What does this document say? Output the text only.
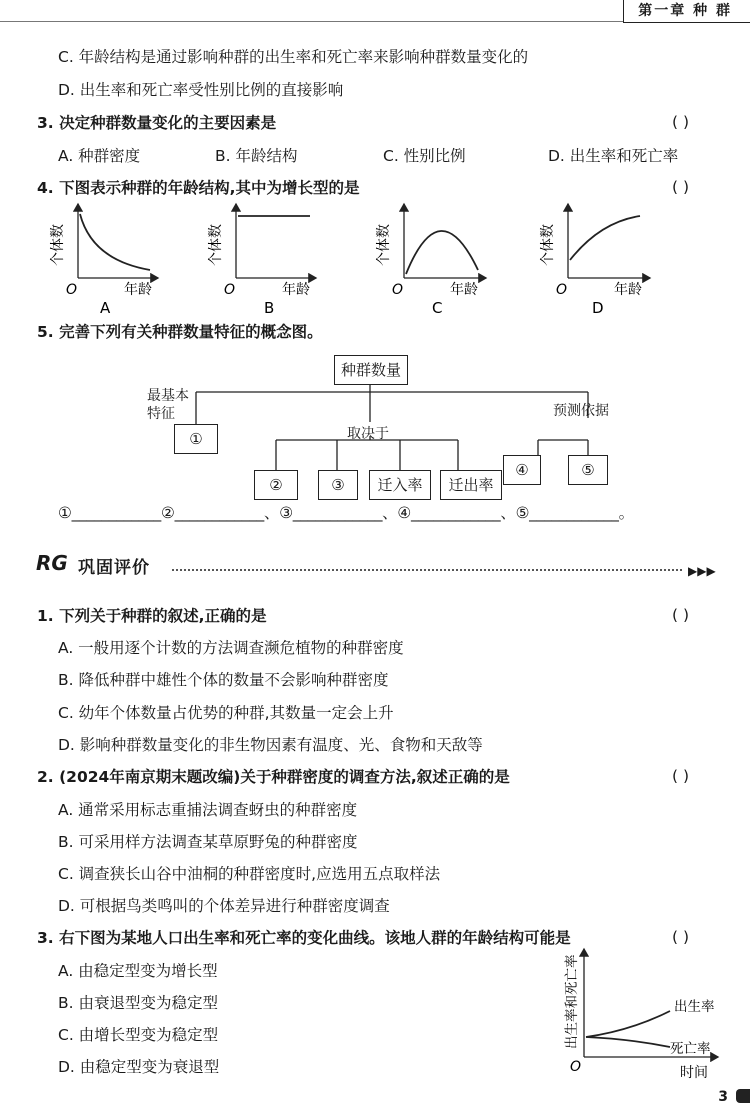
第一章 种 群
C. 年龄结构是通过影响种群的出生率和死亡率来影响种群数量变化的
D. 出生率和死亡率受性别比例的直接影响
3. 决定种群数量变化的主要因素是	( )
A. 种群密度	B. 年龄结构	C. 性别比例	D. 出生率和死亡率
4. 下图表示种群的年龄结构,其中为增长型的是	( )
个体数
O	年龄
A
个体数
O	年龄
B
个体数
O	年龄
C
个体数
O	年龄
D
5. 完善下列有关种群数量特征的概念图。
种群数量
最基本
特征
①	取决于
预测依据
④	⑤
②	③	迁入率	迁出率
①____________②____________、③____________、④____________、⑤____________。
RG 巩固评价	▶▶▶
1. 下列关于种群的叙述,正确的是	( )
A. 一般用逐个计数的方法调查濒危植物的种群密度
B. 降低种群中雄性个体的数量不会影响种群密度
C. 幼年个体数量占优势的种群,其数量一定会上升
D. 影响种群数量变化的非生物因素有温度、光、食物和天敌等
2. (2024年南京期末题改编)关于种群密度的调查方法,叙述正确的是	( )
A. 通常采用标志重捕法调查蚜虫的种群密度
B. 可采用样方法调查某草原野兔的种群密度
C. 调查狭长山谷中油桐的种群密度时,应选用五点取样法
D. 可根据鸟类鸣叫的个体差异进行种群密度调查
3. 右下图为某地人口出生率和死亡率的变化曲线。该地人群的年龄结构可能是	( )
A. 由稳定型变为增长型
B. 由衰退型变为稳定型
C. 由增长型变为稳定型
D. 由稳定型变为衰退型
出生率和死亡率	出生率
死亡率
O	时间
3
